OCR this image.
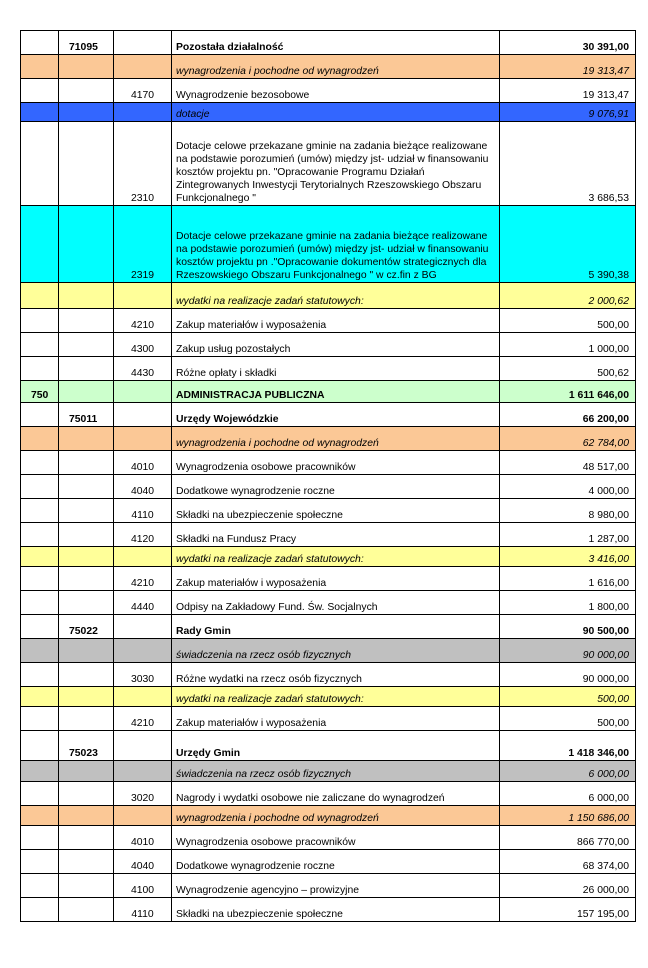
	71095		Pozostała działalność	30 391,00
			wynagrodzenia i pochodne od wynagrodzeń	19 313,47
		4170	Wynagrodzenie bezosobowe	19 313,47
			dotacje	9 076,91
		2310	Dotacje celowe przekazane gminie na zadania bieżące realizowane na podstawie porozumień (umów) między jst- udział w finansowaniu kosztów projektu pn. "Opracowanie Programu Działań Zintegrowanych Inwestycji Terytorialnych Rzeszowskiego Obszaru Funkcjonalnego "	3 686,53
		2319	Dotacje celowe przekazane gminie na zadania bieżące realizowane na podstawie porozumień (umów) między jst- udział w finansowaniu kosztów projektu pn ."Opracowanie dokumentów strategicznych dla Rzeszowskiego Obszaru Funkcjonalnego " w cz.fin z BG	5 390,38
			wydatki na realizacje zadań statutowych:	2 000,62
		4210	Zakup materiałów i wyposażenia	500,00
		4300	Zakup usług pozostałych	1 000,00
		4430	Różne opłaty i składki	500,62
750			ADMINISTRACJA PUBLICZNA	1 611 646,00
	75011		Urzędy Wojewódzkie	66 200,00
			wynagrodzenia i pochodne od wynagrodzeń	62 784,00
		4010	Wynagrodzenia osobowe pracowników	48 517,00
		4040	Dodatkowe wynagrodzenie roczne	4 000,00
		4110	Składki na ubezpieczenie społeczne	8 980,00
		4120	Składki na Fundusz Pracy	1 287,00
			wydatki na realizacje zadań statutowych:	3 416,00
		4210	Zakup materiałów i wyposażenia	1 616,00
		4440	Odpisy na Zakładowy Fund. Św. Socjalnych	1 800,00
	75022		Rady Gmin	90 500,00
			świadczenia na rzecz osób fizycznych	90 000,00
		3030	Różne wydatki na rzecz osób fizycznych	90 000,00
			wydatki na realizacje zadań statutowych:	500,00
		4210	Zakup materiałów i wyposażenia	500,00
	75023		Urzędy Gmin	1 418 346,00
			świadczenia na rzecz osób fizycznych	6 000,00
		3020	Nagrody i wydatki osobowe nie zaliczane do wynagrodzeń	6 000,00
			wynagrodzenia i pochodne od wynagrodzeń	1 150 686,00
		4010	Wynagrodzenia osobowe pracowników	866 770,00
		4040	Dodatkowe wynagrodzenie roczne	68 374,00
		4100	Wynagrodzenie agencyjno – prowizyjne	26 000,00
		4110	Składki na ubezpieczenie społeczne	157 195,00
